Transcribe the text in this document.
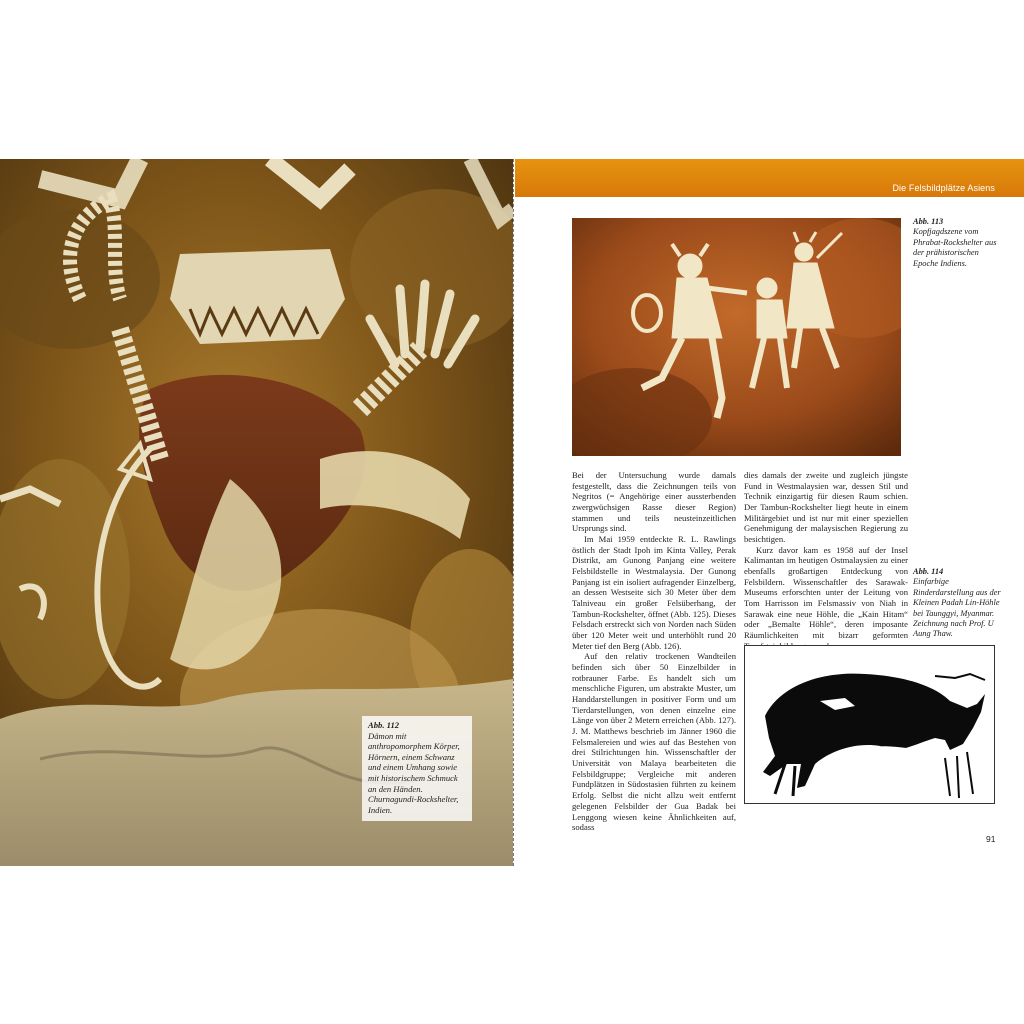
Abb. 112
Dämon mit anthropomorphem Körper, Hörnern, einem Schwanz und einem Umhang sowie mit historischem Schmuck an den Händen. Churnagundi-Rockshelter, Indien.
Die Felsbildplätze Asiens
Abb. 113
Kopfjagdszene vom Phrabat-Rockshelter aus der prähistorischen Epoche Indiens.

Bei der Untersuchung wurde damals festgestellt, dass die Zeichnungen teils von Negritos (= Angehörige einer aussterbenden zwergwüchsigen Rasse dieser Region) stammen und teils neusteinzeitlichen Ursprungs sind.

Im Mai 1959 entdeckte R. L. Rawlings östlich der Stadt Ipoh im Kinta Valley, Perak Distrikt, am Gunong Panjang eine weitere Felsbildstelle in Westmalaysia. Der Gunong Panjang ist ein isoliert aufragender Einzelberg, an dessen Westseite sich 30 Meter über dem Talniveau ein großer Felsüberhang, der Tambun-Rockshelter, öffnet (Abb. 125). Dieses Felsdach erstreckt sich von Norden nach Süden über 120 Meter weit und unterhöhlt rund 20 Meter tief den Berg (Abb. 126).

Auf den relativ trockenen Wandteilen befinden sich über 50 Einzelbilder in rotbrauner Farbe. Es handelt sich um menschliche Figuren, um abstrakte Muster, um Handdarstellungen in positiver Form und um Tierdarstellungen, von denen einzelne eine Länge von über 2 Metern erreichen (Abb. 127). J. M. Matthews beschrieb im Jänner 1960 die Felsmalereien und wies auf das Bestehen von drei Stilrichtungen hin. Wissenschaftler der Universität von Malaya bearbeiteten die Felsbildgruppe; Vergleiche mit anderen Fundplätzen in Südostasien führten zu keinem Erfolg. Selbst die nicht allzu weit entfernt gelegenen Felsbilder der Gua Badak bei Lenggong wiesen keine Ähnlichkeiten auf, sodass

dies damals der zweite und zugleich jüngste Fund in Westmalaysien war, dessen Stil und Technik einzigartig für diesen Raum schien. Der Tambun-Rockshelter liegt heute in einem Militärgebiet und ist nur mit einer speziellen Genehmigung der malaysischen Regierung zu besichtigen.

Kurz davor kam es 1958 auf der Insel Kalimantan im heutigen Ostmalaysien zu einer ebenfalls großartigen Entdeckung von Felsbildern. Wissenschaftler des Sarawak-Museums erforschten unter der Leitung von Tom Harrisson im Felsmassiv von Niah in Sarawak eine neue Höhle, die „Kain Hitam“ oder „Bemalte Höhle“, deren imposante Räumlichkeiten mit bizarr geformten

Abb. 114
Einfarbige Rinderdarstellung aus der Kleinen Padah Lin-Höhle bei Taunggyi, Myanmar. Zeichnung nach Prof. U Aung Thaw.
91
